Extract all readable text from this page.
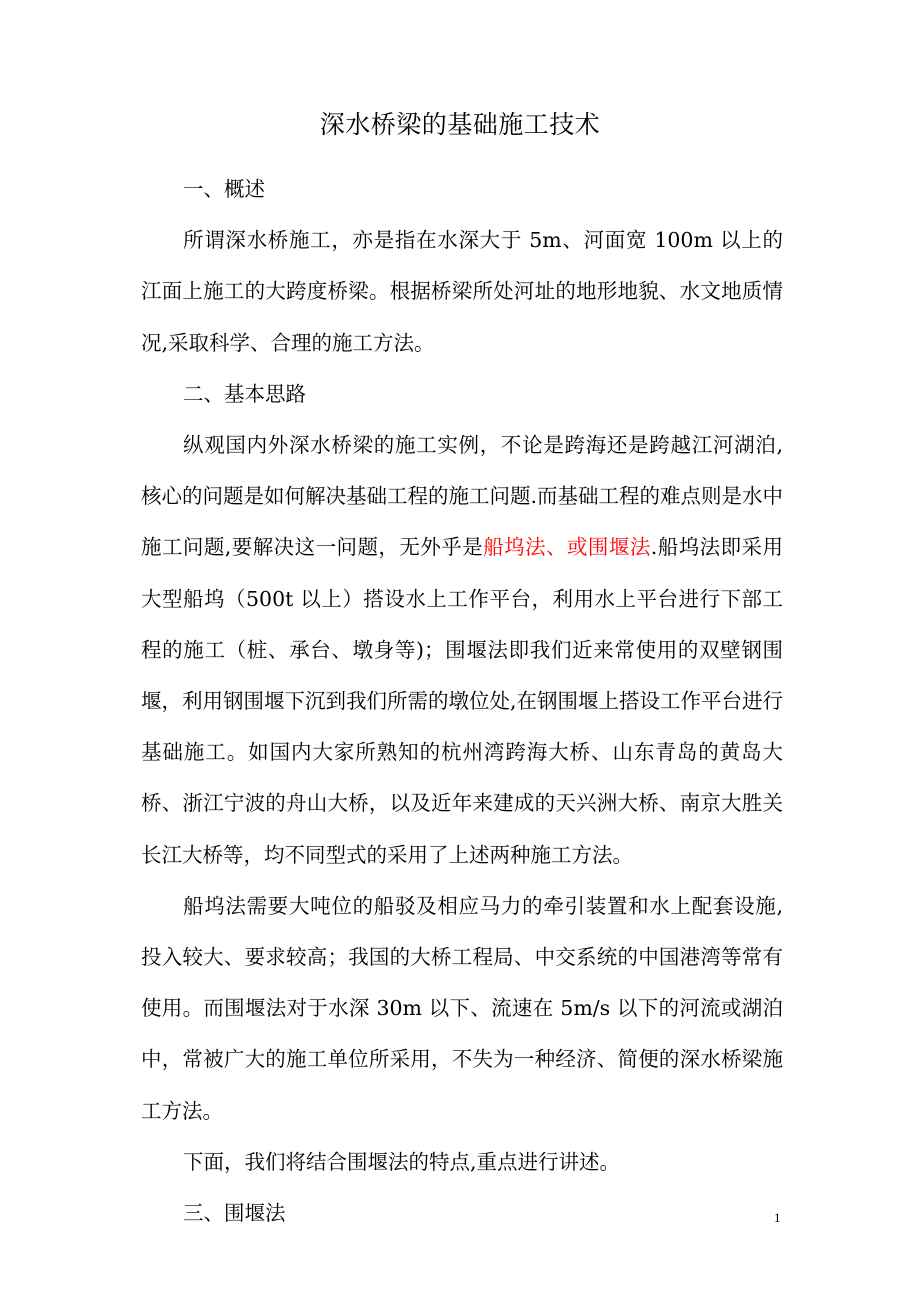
深水桥梁的基础施工技术

一、概述

所谓深水桥施工，亦是指在水深大于 5m、河面宽 100m 以上的江面上施工的大跨度桥梁。根据桥梁所处河址的地形地貌、水文地质情况,采取科学、合理的施工方法。

二、基本思路

纵观国内外深水桥梁的施工实例，不论是跨海还是跨越江河湖泊,核心的问题是如何解决基础工程的施工问题.而基础工程的难点则是水中施工问题,要解决这一问题，无外乎是船坞法、或围堰法.船坞法即采用大型船坞（500t 以上）搭设水上工作平台，利用水上平台进行下部工程的施工（桩、承台、墩身等)；围堰法即我们近来常使用的双壁钢围堰，利用钢围堰下沉到我们所需的墩位处,在钢围堰上搭设工作平台进行基础施工。如国内大家所熟知的杭州湾跨海大桥、山东青岛的黄岛大桥、浙江宁波的舟山大桥，以及近年来建成的天兴洲大桥、南京大胜关长江大桥等，均不同型式的采用了上述两种施工方法。

船坞法需要大吨位的船驳及相应马力的牵引装置和水上配套设施,投入较大、要求较高；我国的大桥工程局、中交系统的中国港湾等常有使用。而围堰法对于水深 30m 以下、流速在 5m/s 以下的河流或湖泊中，常被广大的施工单位所采用，不失为一种经济、简便的深水桥梁施工方法。

下面，我们将结合围堰法的特点,重点进行讲述。

三、围堰法	1
